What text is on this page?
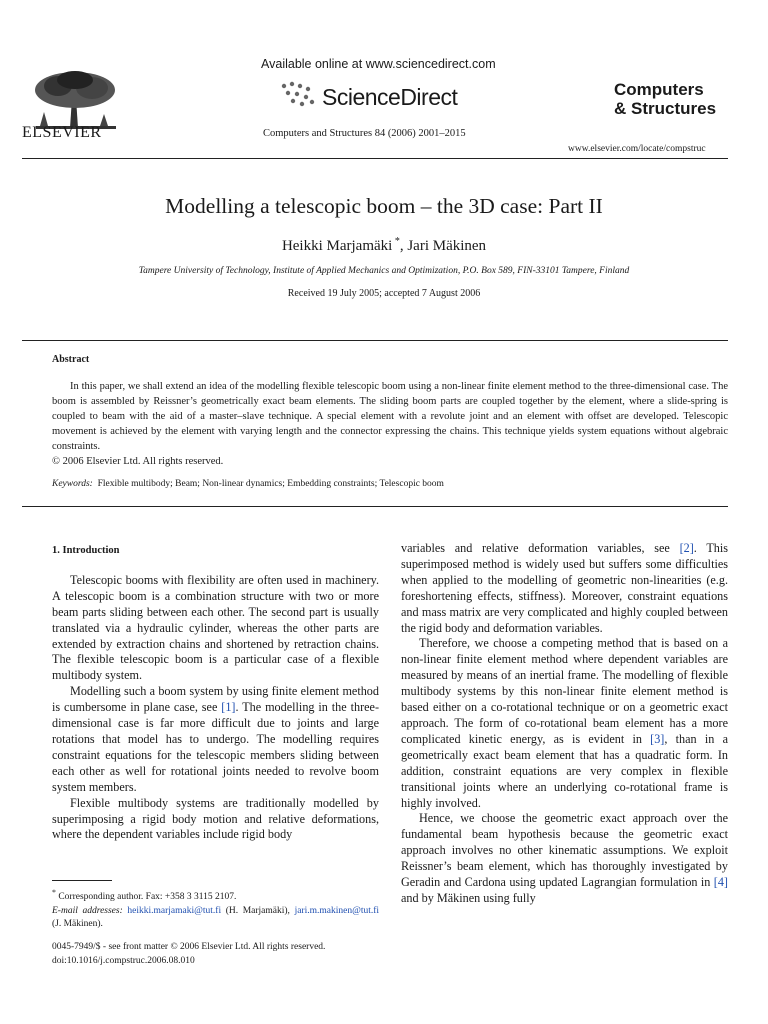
ELSEVIER
Available online at www.sciencedirect.com
ScienceDirect
Computers and Structures 84 (2006) 2001–2015
Computers
& Structures
www.elsevier.com/locate/compstruc
Modelling a telescopic boom – the 3D case: Part II
Heikki Marjamäki *, Jari Mäkinen
Tampere University of Technology, Institute of Applied Mechanics and Optimization, P.O. Box 589, FIN-33101 Tampere, Finland
Received 19 July 2005; accepted 7 August 2006
Abstract

In this paper, we shall extend an idea of the modelling flexible telescopic boom using a non-linear finite element method to the three-dimensional case. The boom is assembled by Reissner’s geometrically exact beam elements. The sliding boom parts are coupled together by the element, where a slide-spring is coupled to beam with the aid of a master–slave technique. A special element with a revolute joint and an element with offset are developed. Telescopic movement is achieved by the element with varying length and the connector expressing the chains. This technique yields system equations without algebraic constraints.

© 2006 Elsevier Ltd. All rights reserved.

Keywords: Flexible multibody; Beam; Non-linear dynamics; Embedding constraints; Telescopic boom

1. Introduction

Telescopic booms with flexibility are often used in machinery. A telescopic boom is a combination structure with two or more beam parts sliding between each other. The second part is usually translated via a hydraulic cylinder, whereas the other parts are extended by extraction chains and shortened by retraction chains. The flexible telescopic boom is a particular case of a flexible multibody system.

Modelling such a boom system by using finite element method is cumbersome in plane case, see [1]. The modelling in the three-dimensional case is far more difficult due to joints and large rotations that model has to undergo. The modelling requires constraint equations for the telescopic members sliding between each other as well for rotational joints needed to revolve boom system members.

Flexible multibody systems are traditionally modelled by superimposing a rigid body motion and relative deformations, where the dependent variables include rigid body

variables and relative deformation variables, see [2]. This superimposed method is widely used but suffers some difficulties when applied to the modelling of geometric non-linearities (e.g. foreshortening effects, stiffness). Moreover, constraint equations and mass matrix are very complicated and highly coupled between the rigid body and deformation variables.

Therefore, we choose a competing method that is based on a non-linear finite element method where dependent variables are measured by means of an inertial frame. The modelling of flexible multibody systems by this non-linear finite element method is based either on a co-rotational technique or on a geometric exact approach. The form of co-rotational beam element has a more complicated kinetic energy, as is evident in [3], than in a geometrically exact beam element that has a quadratic form. In addition, constraint equations are very complex in flexible transitional joints where an underlying co-rotational frame is highly involved.

Hence, we choose the geometric exact approach over the fundamental beam hypothesis because the geometric exact approach involves no other kinematic assumptions. We exploit Reissner’s beam element, which has thoroughly investigated by Geradin and Cardona using updated Lagrangian formulation in [4] and by Mäkinen using fully

* Corresponding author. Fax: +358 3 3115 2107.

E-mail addresses: heikki.marjamaki@tut.fi (H. Marjamäki), jari.m.makinen@tut.fi (J. Mäkinen).

0045-7949/$ - see front matter © 2006 Elsevier Ltd. All rights reserved.
doi:10.1016/j.compstruc.2006.08.010
